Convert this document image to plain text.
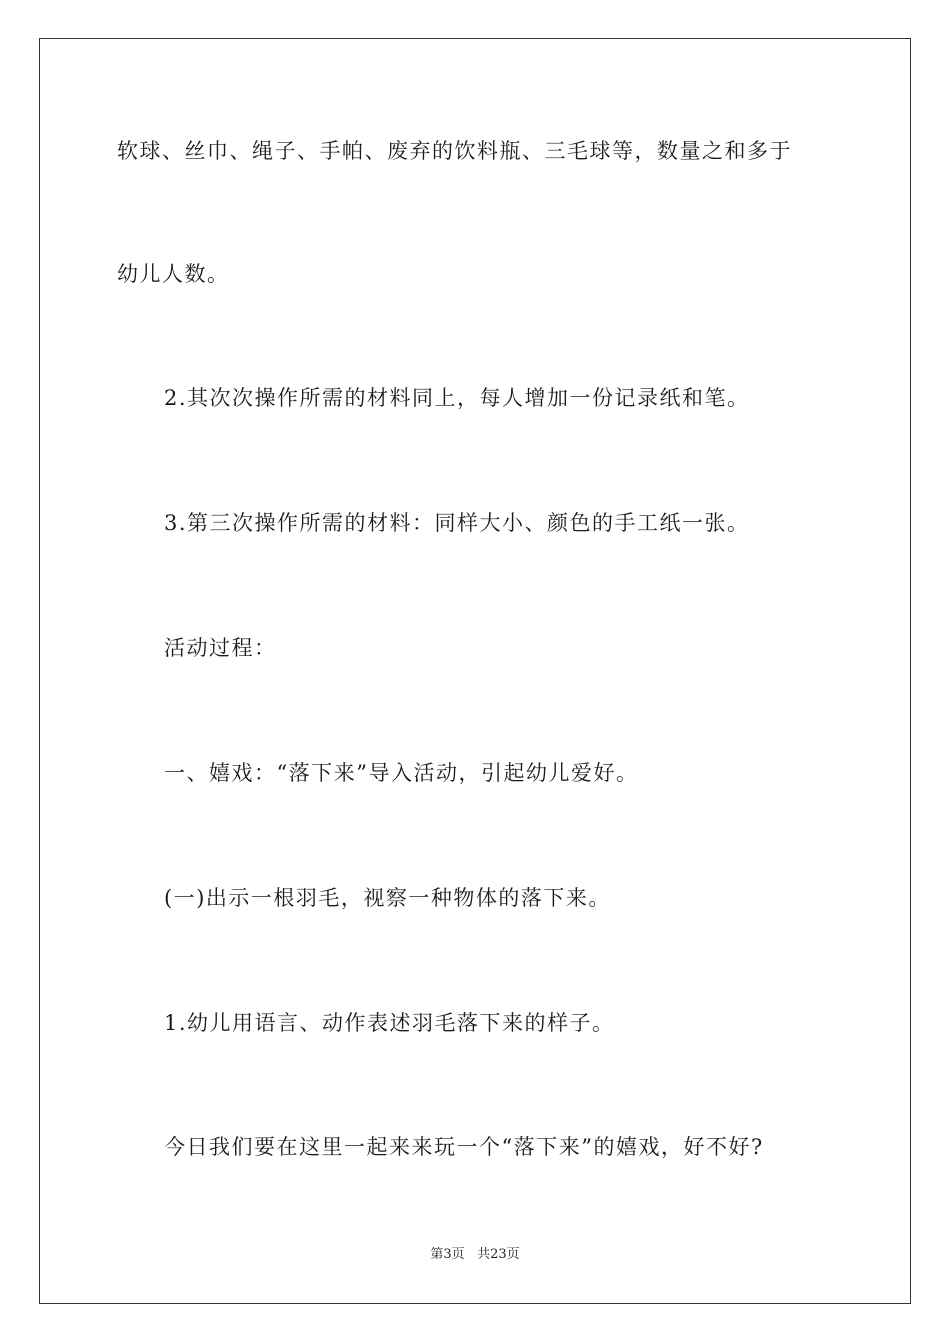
软球、丝巾、绳子、手帕、废弃的饮料瓶、三毛球等，数量之和多于
幼儿人数。
2.其次次操作所需的材料同上，每人增加一份记录纸和笔。
3.第三次操作所需的材料：同样大小、颜色的手工纸一张。
活动过程：
一、嬉戏：“落下来”导入活动，引起幼儿爱好。
(一)出示一根羽毛，视察一种物体的落下来。
1.幼儿用语言、动作表述羽毛落下来的样子。
今日我们要在这里一起来来玩一个“落下来”的嬉戏，好不好?
第3页 共23页
